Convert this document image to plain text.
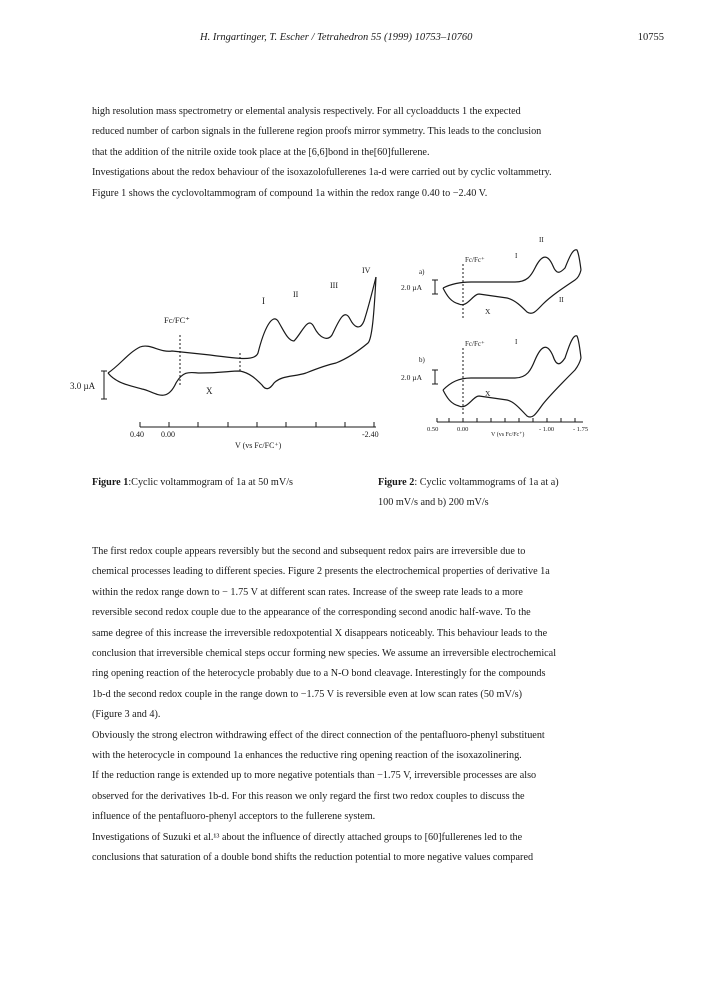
H. Irngartinger, T. Escher / Tetrahedron 55 (1999) 10753–10760	10755
high resolution mass spectrometry or elemental analysis respectively. For all cycloadducts 1 the expected
reduced number of carbon signals in the fullerene region proofs mirror symmetry. This leads to the conclusion
that the addition of the nitrile oxide took place at the [6,6]bond in the[60]fullerene.
Investigations about the redox behaviour of the isoxazolofullerenes 1a-d were carried out by cyclic voltammetry.
Figure 1 shows the cyclovoltammogram of compound 1a within the redox range 0.40 to −2.40 V.
3.0 µA
Fc/FC⁺
I
II
III
IV
X
0.40 0.00	-2.40
V (vs Fc/FC⁺)
II
I
Fc/Fc⁺
a)
2.0 µA
X
II
I
Fc/Fc⁺
b)
2.0 µA
X
0.50	0.00	- 1.00	- 1.75
V (vs Fc/Fc⁺)

Figure 1:Cyclic voltammogram of 1a at 50 mV/s	Figure 2: Cyclic voltammograms of 1a at a)
100 mV/s and b) 200 mV/s

The first redox couple appears reversibly but the second and subsequent redox pairs are irreversible due to
chemical processes leading to different species. Figure 2 presents the electrochemical properties of derivative 1a
within the redox range down to − 1.75 V at different scan rates. Increase of the sweep rate leads to a more
reversible second redox couple due to the appearance of the corresponding second anodic half-wave. To the
same degree of this increase the irreversible redoxpotential X disappears noticeably. This behaviour leads to the
conclusion that irreversible chemical steps occur forming new species. We assume an irreversible electrochemical
ring opening reaction of the heterocycle probably due to a N-O bond cleavage. Interestingly for the compounds
1b-d the second redox couple in the range down to −1.75 V is reversible even at low scan rates (50 mV/s)
(Figure 3 and 4).
Obviously the strong electron withdrawing effect of the direct connection of the pentafluoro-phenyl substituent
with the heterocycle in compound 1a enhances the reductive ring opening reaction of the isoxazolinering.
If the reduction range is extended up to more negative potentials than −1.75 V, irreversible processes are also
observed for the derivatives 1b-d. For this reason we only regard the first two redox couples to discuss the
influence of the pentafluoro-phenyl acceptors to the fullerene system.
Investigations of Suzuki et al.¹³ about the influence of directly attached groups to [60]fullerenes led to the
conclusions that saturation of a double bond shifts the reduction potential to more negative values compared
